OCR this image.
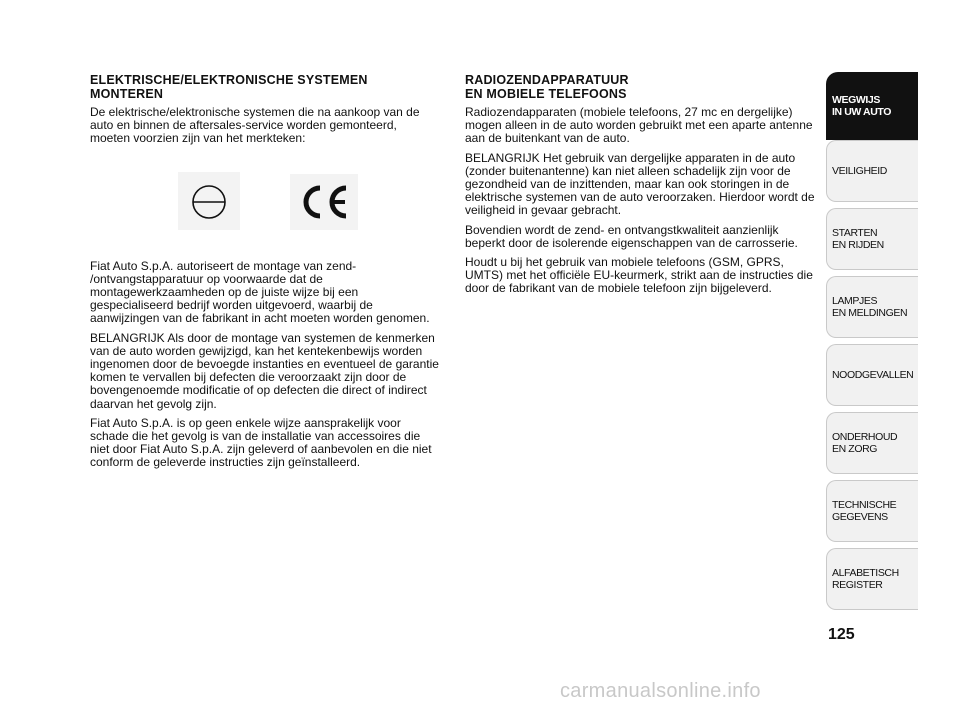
ELEKTRISCHE/ELEKTRONISCHE SYSTEMEN
MONTEREN

De elektrische/elektronische systemen die na aankoop van de auto en binnen de aftersales-service worden gemonteerd, moeten voorzien zijn van het merkteken:

Fiat Auto S.p.A. autoriseert de montage van zend- /ontvangstapparatuur op voorwaarde dat de montagewerkzaamheden op de juiste wijze bij een gespecialiseerd bedrijf worden uitgevoerd, waarbij de aanwijzingen van de fabrikant in acht moeten worden genomen.

BELANGRIJK Als door de montage van systemen de kenmerken van de auto worden gewijzigd, kan het kentekenbewijs worden ingenomen door de bevoegde instanties en eventueel de garantie komen te vervallen bij defecten die veroorzaakt zijn door de bovengenoemde modificatie of op defecten die direct of indirect daarvan het gevolg zijn.

Fiat Auto S.p.A. is op geen enkele wijze aansprakelijk voor schade die het gevolg is van de installatie van accessoires die niet door Fiat Auto S.p.A. zijn geleverd of aanbevolen en die niet conform de geleverde instructies zijn geïnstalleerd.

RADIOZENDAPPARATUUR
EN MOBIELE TELEFOONS

Radiozendapparaten (mobiele telefoons, 27 mc en dergelijke) mogen alleen in de auto worden gebruikt met een aparte antenne aan de buitenkant van de auto.

BELANGRIJK Het gebruik van dergelijke apparaten in de auto (zonder buitenantenne) kan niet alleen schadelijk zijn voor de gezondheid van de inzittenden, maar kan ook storingen in de elektrische systemen van de auto veroorzaken. Hierdoor wordt de veiligheid in gevaar gebracht.

Bovendien wordt de zend- en ontvangstkwaliteit aanzienlijk beperkt door de isolerende eigenschappen van de carrosserie.

Houdt u bij het gebruik van mobiele telefoons (GSM, GPRS, UMTS) met het officiële EU-keurmerk, strikt aan de instructies die door de fabrikant van de mobiele telefoon zijn bijgeleverd.

WEGWIJS
IN UW AUTO
VEILIGHEID
STARTEN
EN RIJDEN
LAMPJES
EN MELDINGEN
NOODGEVALLEN
ONDERHOUD
EN ZORG
TECHNISCHE
GEGEVENS
ALFABETISCH
REGISTER
125
carmanualsonline.info
